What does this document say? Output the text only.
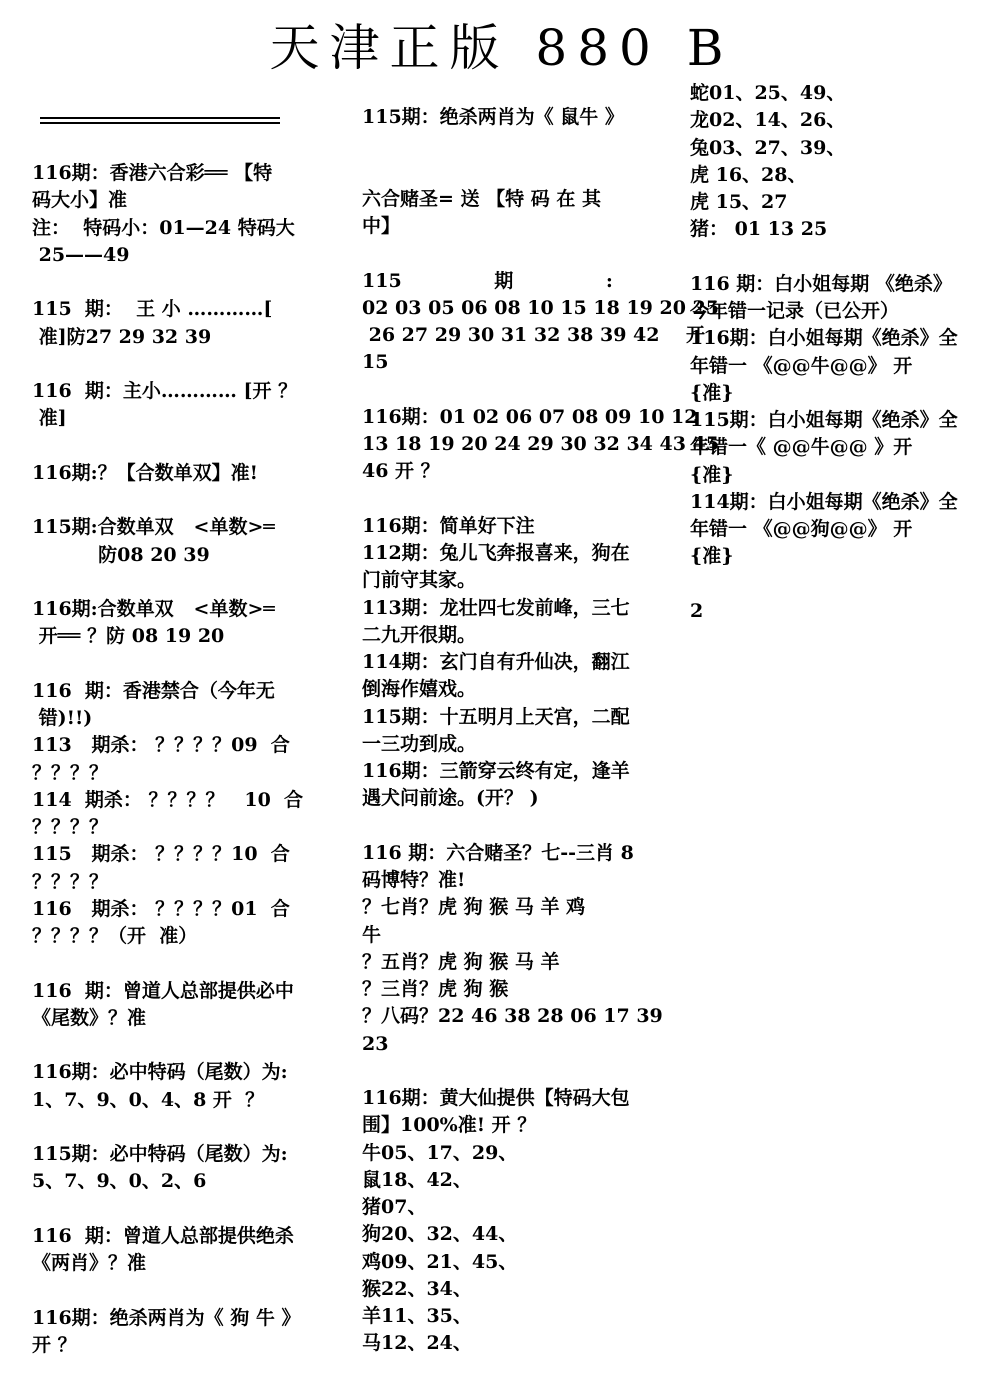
天津正版 880 B
116期：香港六合彩══ 【特
码大小】准
注：  特码小：01—24 特码大
25——49
115  期：  王 小 …………[
准]防27 29 32 39
116  期：主小………… [开 ？
准]
116期:？【合数单双】准!
115期:合数单双   <单数>═
防08 20 39
116期:合数单双   <单数>═
开══ ？防 08 19 20
116  期：香港禁合（今年无
错)!!)
113   期杀： ？？？？09  合
？？？？
114  期杀： ？？？？   10  合
？？？？
115   期杀： ？？？？10  合
？？？？
116   期杀： ？？？？01  合
？？？？（开  准）
116  期：曾道人总部提供必中
《尾数》？准
116期：必中特码（尾数）为:
1、7、9、0、4、8 开  ？
115期：必中特码（尾数）为:
5、7、9、0、2、6
116  期：曾道人总部提供绝杀
《两肖》？准
116期：绝杀两肖为《 狗 牛 》
开 ？
115期：绝杀两肖为《 鼠牛 》
六合赌圣= 送 【特 码 在 其
中】
115              期              :
02 03 05 06 08 10 15 18 19 20 25
26 27 29 30 31 32 38 39 42    开
15
116期：01 02 06 07 08 09 10 12
13 18 19 20 24 29 30 32 34 43 45
46 开 ？
116期：简单好下注
112期：兔儿飞奔报喜来，狗在
门前守其家。
113期：龙壮四七发前峰，三七
二九开很期。
114期：玄门自有升仙决，翻江
倒海作嬉戏。
115期：十五明月上天宫，二配
一三功到成。
116期：三箭穿云终有定，逢羊
遇犬问前途。(开？ )
116 期：六合赌圣？七--三肖 8
码博特？准!
？七肖？虎 狗 猴 马 羊 鸡
牛
？五肖？虎 狗 猴 马 羊
？三肖？虎 狗 猴
？八码？22 46 38 28 06 17 39
23
116期：黄大仙提供【特码大包
围】100%准! 开 ？
牛05、17、29、
鼠18、42、
猪07、
狗20、32、44、
鸡09、21、45、
猴22、34、
羊11、35、
马12、24、
蛇01、25、49、
龙02、14、26、
兔03、27、39、
虎 16、28、
虎 15、27
猪： 01 13 25
116 期：白小姐每期 《绝杀》
今年错一记录（已公开）
116期：白小姐每期《绝杀》全
年错一 《@@牛@@》 开
{准}
115期：白小姐每期《绝杀》全
年错一《 @@牛@@ 》开
{准}
114期：白小姐每期《绝杀》全
年错一 《@@狗@@》 开
{准}
2
